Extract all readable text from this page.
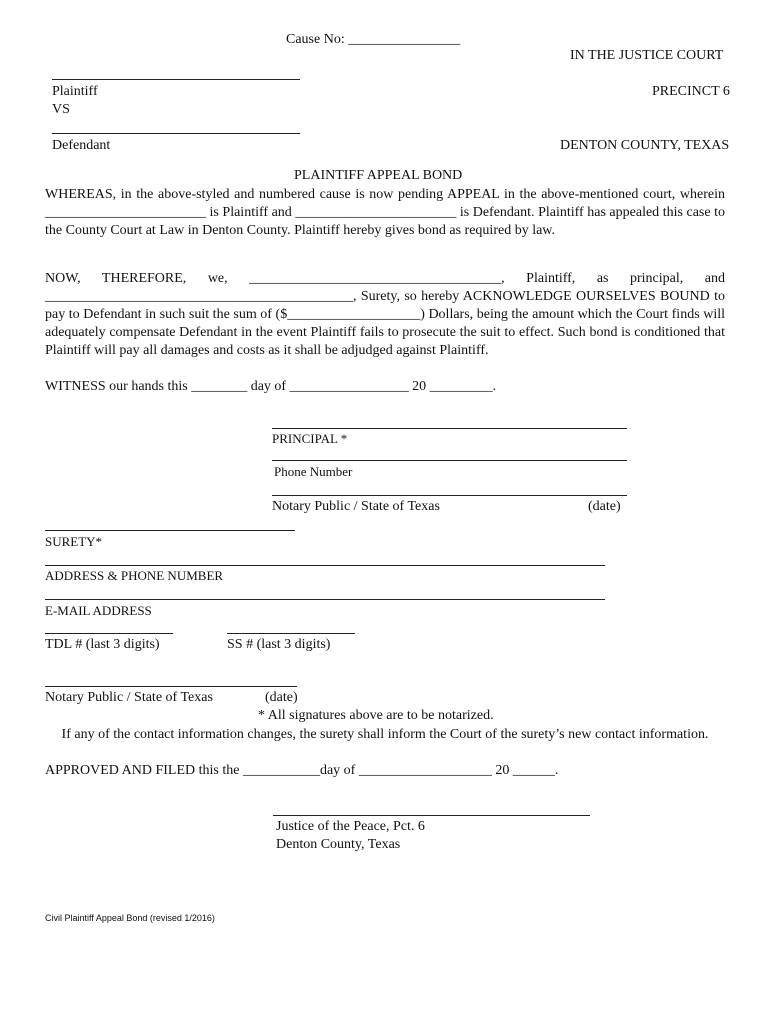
Cause No: ________________
IN THE JUSTICE COURT
Plaintiff	PRECINCT 6
VS
Defendant	DENTON COUNTY, TEXAS
PLAINTIFF APPEAL BOND
WHEREAS, in the above-styled and numbered cause is now pending APPEAL in the above-mentioned court, wherein _______________________ is Plaintiff and _______________________ is Defendant. Plaintiff has appealed this case to the County Court at Law in Denton County. Plaintiff hereby gives bond as required by law.
NOW, THEREFORE, we, ____________________________________, Plaintiff, as principal, and ____________________________________________, Surety, so hereby ACKNOWLEDGE OURSELVES BOUND to pay to Defendant in such suit the sum of ($___________________) Dollars, being the amount which the Court finds will adequately compensate Defendant in the event Plaintiff fails to prosecute the suit to effect. Such bond is conditioned that Plaintiff will pay all damages and costs as it shall be adjudged against Plaintiff.
WITNESS our hands this ________ day of _________________ 20 _________.
PRINCIPAL *
Phone Number
Notary Public / State of Texas	(date)
SURETY*
ADDRESS & PHONE NUMBER
E-MAIL ADDRESS
TDL # (last 3 digits)	SS # (last 3 digits)
Notary Public / State of Texas	(date)
* All signatures above are to be notarized.
If any of the contact information changes, the surety shall inform the Court of the surety’s new contact information.
APPROVED AND FILED this the ___________day of ___________________ 20 ______.
Justice of the Peace, Pct. 6
Denton County, Texas
Civil Plaintiff Appeal Bond (revised 1/2016)
